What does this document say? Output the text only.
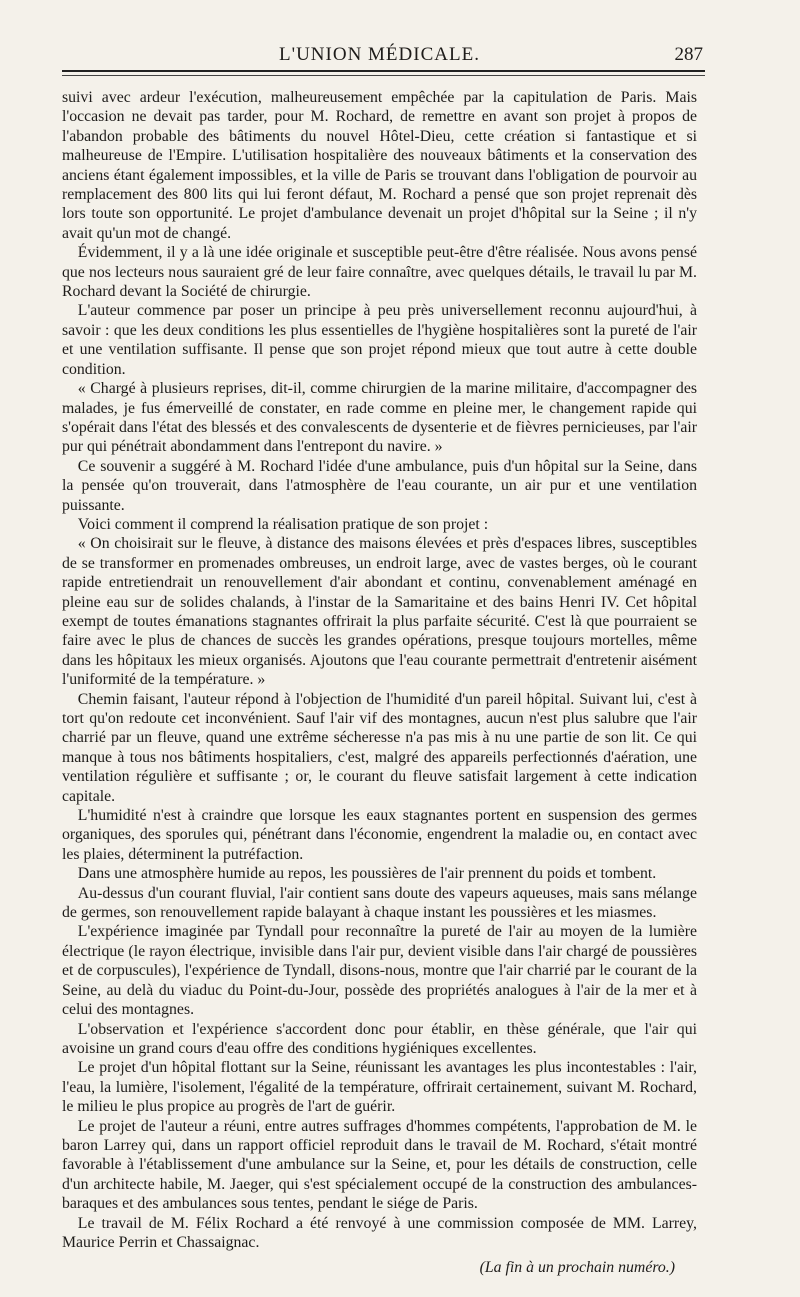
L'UNION MÉDICALE.	287

suivi avec ardeur l'exécution, malheureusement empêchée par la capitulation de Paris. Mais l'occasion ne devait pas tarder, pour M. Rochard, de remettre en avant son projet à propos de l'abandon probable des bâtiments du nouvel Hôtel-Dieu, cette création si fantastique et si malheureuse de l'Empire. L'utilisation hospitalière des nouveaux bâtiments et la conservation des anciens étant également impossibles, et la ville de Paris se trouvant dans l'obligation de pourvoir au remplacement des 800 lits qui lui feront défaut, M. Rochard a pensé que son projet reprenait dès lors toute son opportunité. Le projet d'ambulance devenait un projet d'hôpital sur la Seine ; il n'y avait qu'un mot de changé.

Évidemment, il y a là une idée originale et susceptible peut-être d'être réalisée. Nous avons pensé que nos lecteurs nous sauraient gré de leur faire connaître, avec quelques détails, le travail lu par M. Rochard devant la Société de chirurgie.

L'auteur commence par poser un principe à peu près universellement reconnu aujourd'hui, à savoir : que les deux conditions les plus essentielles de l'hygiène hospitalières sont la pureté de l'air et une ventilation suffisante. Il pense que son projet répond mieux que tout autre à cette double condition.

« Chargé à plusieurs reprises, dit-il, comme chirurgien de la marine militaire, d'accompagner des malades, je fus émerveillé de constater, en rade comme en pleine mer, le changement rapide qui s'opérait dans l'état des blessés et des convalescents de dysenterie et de fièvres pernicieuses, par l'air pur qui pénétrait abondamment dans l'entrepont du navire. »

Ce souvenir a suggéré à M. Rochard l'idée d'une ambulance, puis d'un hôpital sur la Seine, dans la pensée qu'on trouverait, dans l'atmosphère de l'eau courante, un air pur et une ventilation puissante.

Voici comment il comprend la réalisation pratique de son projet :

« On choisirait sur le fleuve, à distance des maisons élevées et près d'espaces libres, susceptibles de se transformer en promenades ombreuses, un endroit large, avec de vastes berges, où le courant rapide entretiendrait un renouvellement d'air abondant et continu, convenablement aménagé en pleine eau sur de solides chalands, à l'instar de la Samaritaine et des bains Henri IV. Cet hôpital exempt de toutes émanations stagnantes offrirait la plus parfaite sécurité. C'est là que pourraient se faire avec le plus de chances de succès les grandes opérations, presque toujours mortelles, même dans les hôpitaux les mieux organisés. Ajoutons que l'eau courante permettrait d'entretenir aisément l'uniformité de la température. »

Chemin faisant, l'auteur répond à l'objection de l'humidité d'un pareil hôpital. Suivant lui, c'est à tort qu'on redoute cet inconvénient. Sauf l'air vif des montagnes, aucun n'est plus salubre que l'air charrié par un fleuve, quand une extrême sécheresse n'a pas mis à nu une partie de son lit. Ce qui manque à tous nos bâtiments hospitaliers, c'est, malgré des appareils perfectionnés d'aération, une ventilation régulière et suffisante ; or, le courant du fleuve satisfait largement à cette indication capitale.

L'humidité n'est à craindre que lorsque les eaux stagnantes portent en suspension des germes organiques, des sporules qui, pénétrant dans l'économie, engendrent la maladie ou, en contact avec les plaies, déterminent la putréfaction.

Dans une atmosphère humide au repos, les poussières de l'air prennent du poids et tombent.

Au-dessus d'un courant fluvial, l'air contient sans doute des vapeurs aqueuses, mais sans mélange de germes, son renouvellement rapide balayant à chaque instant les poussières et les miasmes.

L'expérience imaginée par Tyndall pour reconnaître la pureté de l'air au moyen de la lumière électrique (le rayon électrique, invisible dans l'air pur, devient visible dans l'air chargé de poussières et de corpuscules), l'expérience de Tyndall, disons-nous, montre que l'air charrié par le courant de la Seine, au delà du viaduc du Point-du-Jour, possède des propriétés analogues à l'air de la mer et à celui des montagnes.

L'observation et l'expérience s'accordent donc pour établir, en thèse générale, que l'air qui avoisine un grand cours d'eau offre des conditions hygiéniques excellentes.

Le projet d'un hôpital flottant sur la Seine, réunissant les avantages les plus incontestables : l'air, l'eau, la lumière, l'isolement, l'égalité de la température, offrirait certainement, suivant M. Rochard, le milieu le plus propice au progrès de l'art de guérir.

Le projet de l'auteur a réuni, entre autres suffrages d'hommes compétents, l'approbation de M. le baron Larrey qui, dans un rapport officiel reproduit dans le travail de M. Rochard, s'était montré favorable à l'établissement d'une ambulance sur la Seine, et, pour les détails de construction, celle d'un architecte habile, M. Jaeger, qui s'est spécialement occupé de la construction des ambulances-baraques et des ambulances sous tentes, pendant le siége de Paris.

Le travail de M. Félix Rochard a été renvoyé à une commission composée de MM. Larrey, Maurice Perrin et Chassaignac.

(La fin à un prochain numéro.)
